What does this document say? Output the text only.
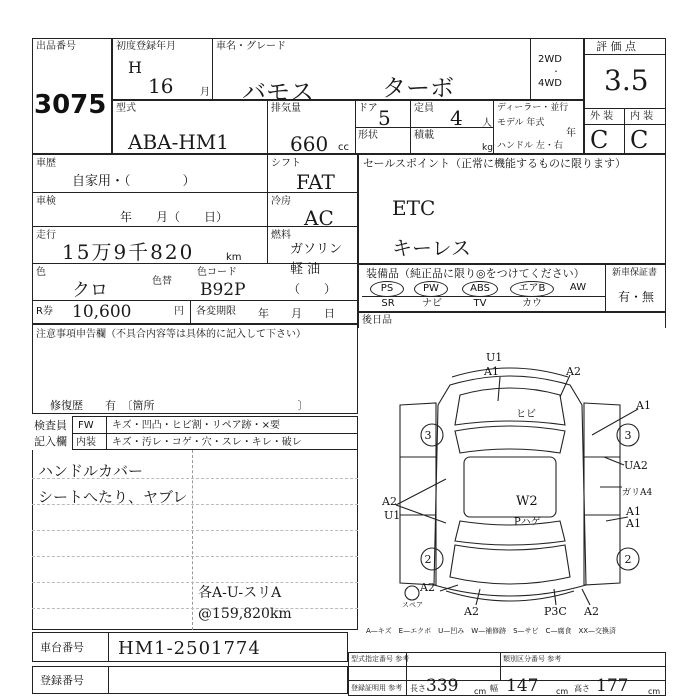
出品番号
3075
初度登録年月
H
16	月
車名・グレード
バモス	ターボ
2WD
・
4WD
評 価 点
3.5
外 装 内 装
C C
型式
ABA-HM1
排気量
660 cc
ドア 5 定員 4 人
形状	積載
kg
ディーラー・並行
モデル 年式
年
ハンドル 左・右
車歴
自家用・（　　　　）
シフト
FAT
車検
年　　月（　　日）
冷房
AC
走行
15万9千820	km
燃料
ガソリン
軽 油
（　　）
色
クロ	色替
色コード
B92P
R券 10,600	円 各変期限 年　　月　　日
セールスポイント（正常に機能するものに限ります）
ETC
キーレス
装備品（純正品に限り◎をつけてください）	新車保証書
有・無
PS	PW	ABS	エアB	AW
SR	ナビ	TV	カウ
後日品
注意事項申告欄（不具合内容等は具体的に記入して下さい）
修復歴　　有　〔箇所　　　　　　　　　　　　　〕
検査員
記入欄
FW キズ・凹凸・ヒビ割・リペア跡・×要
内装 キズ・汚レ・コゲ・穴・スレ・キレ・破レ
ハンドルカバー
シートへたり、ヤブレ
各A-U-スリA
@159,820km
U1
A1	A2
A1
ヒビ
3	3
UA2
ガリA4
A1
A1
A2
U1
W2
Pハゲ
2	2
A2
A2	P3C A2
スペア
A—キズ　E—エクボ　U—凹み　W—補修跡　S—サビ　C—腐食　XX—交換済
車台番号 HM1-2501774
登録番号
型式指定番号 参考	類別区分番号 参考
登録証明用 参考 長さ 339 cm 幅 147 cm 高さ 177 cm
